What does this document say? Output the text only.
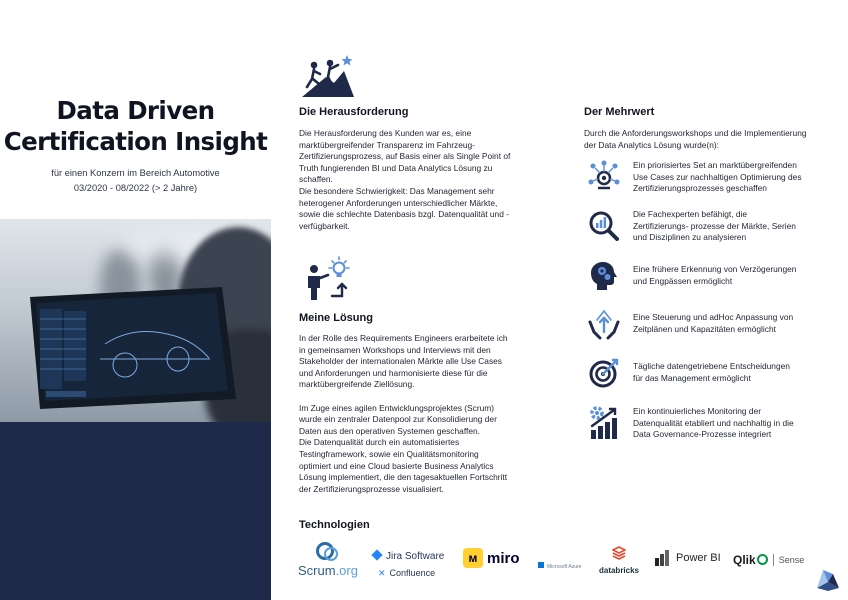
Data Driven
Certification Insight
für einen Konzern im Bereich Automotive
03/2020 - 08/2022 (> 2 Jahre)
Die Herausforderung
Die Herausforderung des Kunden war es, eine
marktübergreifender Transparenz im Fahrzeug-
Zertifizierungsprozess, auf Basis einer als Single Point of
Truth fungierenden BI und Data Analytics Lösung zu
schaffen.
Die besondere Schwierigkeit: Das Management sehr
heterogener Anforderungen unterschiedlicher Märkte,
sowie die schlechte Datenbasis bzgl. Datenqualität und -
verfügbarkeit.
Meine Lösung
In der Rolle des Requirements Engineers erarbeitete ich
in gemeinsamen Workshops und Interviews mit den
Stakeholder der internationalen Märkte alle Use Cases
und Anforderungen und harmonisierte diese für die
marktübergreifende Ziellösung.

Im Zuge eines agilen Entwicklungsprojektes (Scrum)
wurde ein zentraler Datenpool zur Konsolidierung der
Daten aus den operativen Systemen geschaffen.
Die Datenqualität durch ein automatisiertes
Testingframework, sowie ein Qualitätsmonitoring
optimiert und eine Cloud basierte Business Analytics
Lösung implementiert, die den tagesaktuellen Fortschritt
der Zertifizierungsprozesse visualisiert.
Der Mehrwert
Durch die Anforderungsworkshops und die Implementierung
der Data Analytics Lösung wurde(n):
Ein priorisiertes Set an marktübergreifenden
Use Cases zur nachhaltigen Optimierung des
Zertifizierungsprozesses geschaffen
Die Fachexperten befähigt, die
Zertifizierungs- prozesse der Märkte, Serien
und Disziplinen zu analysieren
Eine frühere Erkennung von Verzögerungen
und Engpässen ermöglicht
Eine Steuerung und adHoc Anpassung von
Zeitplänen und Kapazitäten ermöglicht
Tägliche datengetriebene Entscheidungen
für das Management ermöglicht
Ein kontinuierliches Monitoring der
Datenqualität etabliert und nachhaltig in die
Data Governance-Prozesse integriert
Technologien
Scrum.org
Jira Software
✕ Confluence
ᴍ miro
Microsoft Azure databricks
Power BI Qlik	Sense
